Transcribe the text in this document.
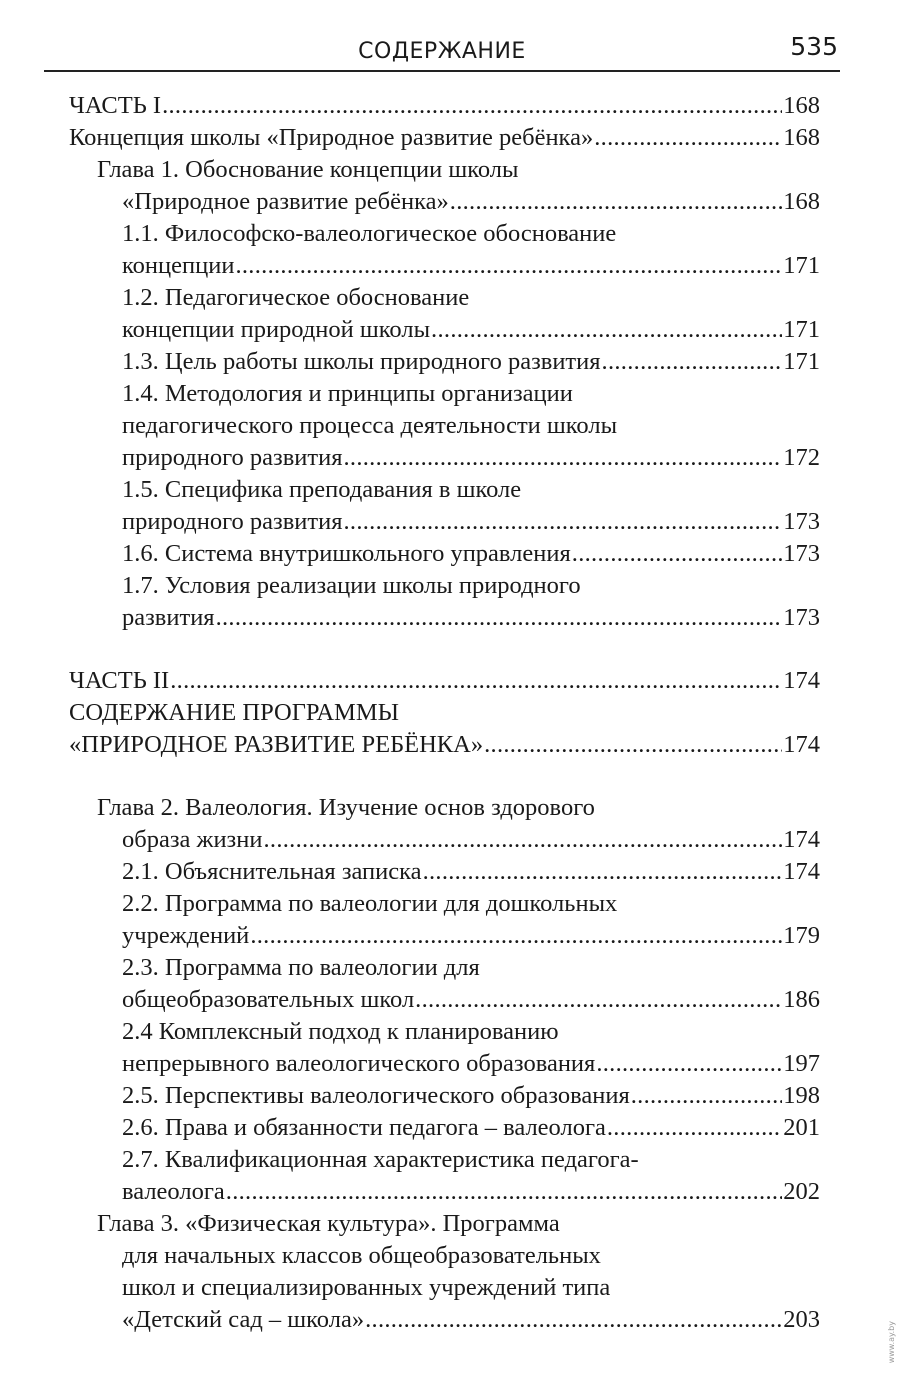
СОДЕРЖАНИЕ	535
ЧАСТЬ I .....	168
Концепция школы «Природное развитие ребёнка» .....	168
Глава 1. Обоснование концепции школы
«Природное развитие ребёнка» .....	168
1.1. Философско-валеологическое обоснование
концепции .....	171
1.2. Педагогическое обоснование
концепции природной школы .....	171
1.3. Цель работы школы природного развития .....	171
1.4. Методология и принципы организации
педагогического процесса деятельности школы
природного развития .....	172
1.5. Специфика преподавания в школе
природного развития .....	173
1.6. Система внутришкольного управления .....	173
1.7. Условия реализации школы природного
развития .....	173
ЧАСТЬ II .....	174
СОДЕРЖАНИЕ ПРОГРАММЫ
«ПРИРОДНОЕ РАЗВИТИЕ РЕБЁНКА» .....	174
Глава 2. Валеология. Изучение основ здорового
образа жизни .....	174
2.1. Объяснительная записка .....	174
2.2. Программа по валеологии для дошкольных
учреждений .....	179
2.3. Программа по валеологии для
общеобразовательных школ .....	186
2.4 Комплексный подход к планированию
непрерывного валеологического образования .....	197
2.5. Перспективы валеологического образования .....	198
2.6. Права и обязанности педагога – валеолога .....	201
2.7. Квалификационная характеристика педагога-
валеолога .....	202
Глава 3. «Физическая культура». Программа
для начальных классов общеобразовательных
школ и специализированных учреждений типа
«Детский сад – школа» .....	203
www.ay.by
